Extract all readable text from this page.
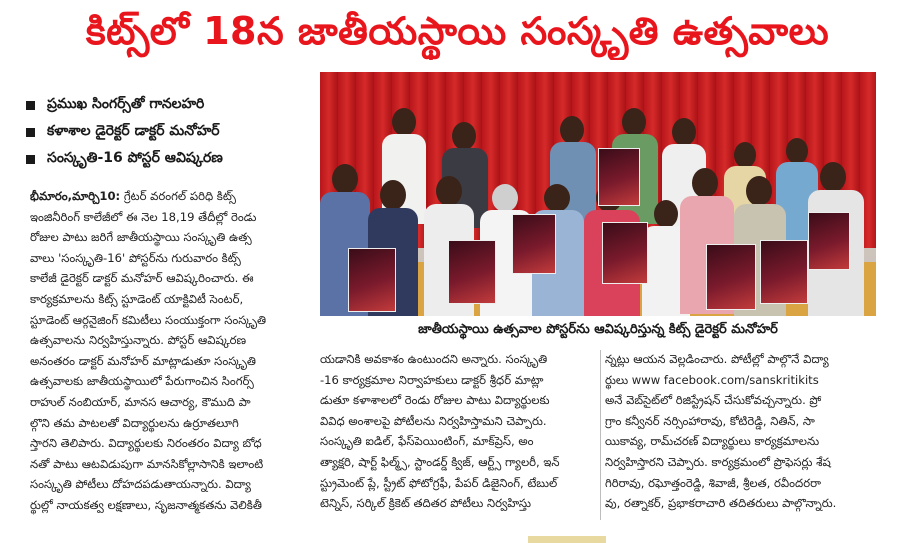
కిట్స్‌లో 18న జాతీయస్థాయి సంస్కృతి ఉత్సవాలు
ప్రముఖ సింగర్స్‌తో గానలహరి
కళాశాల డైరెక్టర్ డాక్టర్ మనోహర్
సంస్కృతి-16 పోస్టర్ ఆవిష్కరణ

భీమారం,మార్చి10: గ్రేటర్ వరంగల్ పరిధి కిట్స్

ఇంజినీరింగ్ కాలేజీలో ఈ నెల 18,19 తేదీల్లో రెండు

రోజుల పాటు జరిగే జాతీయస్థాయి సంస్కృతి ఉత్స

వాలు 'సంస్కృతి-16' పోస్టర్‌ను గురువారం కిట్స్

కాలేజీ డైరెక్టర్ డాక్టర్ మనోహర్ ఆవిష్కరించారు. ఈ

కార్యక్రమాలను కిట్స్ స్టూడెంట్ యాక్టివిటీ సెంటర్,

స్టూడెంట్ ఆర్గనైజింగ్ కమిటీలు సంయుక్తంగా సంస్కృతి

ఉత్సవాలను నిర్వహిస్తున్నారు. పోస్టర్ ఆవిష్కరణ

అనంతరం డాక్టర్ మనోహర్ మాట్లాడుతూ సంస్కృతి

ఉత్సవాలకు జాతీయస్థాయిలో పేరుగాంచిన సింగర్స్

రాహుల్ నంబియార్, మానస ఆచార్య, కౌముది పా

ల్గొని తమ పాటలతో విద్యార్థులను ఉర్రూతలూగి

స్తారని తెలిపారు. విద్యార్థులకు నిరంతరం విద్యా బోధ

నతో పాటు ఆటవిడుపుగా మానసికోల్లాసానికి ఇలాంటి

సంస్కృతి పోటీలు దోహదపడుతాయన్నారు. విద్యా

ర్థుల్లో నాయకత్వ లక్షణాలు, సృజనాత్మకతను వెలికితీ

జాతీయస్థాయి ఉత్సవాల పోస్టర్‌ను ఆవిష్కరిస్తున్న కిట్స్ డైరెక్టర్ మనోహర్

యడానికి అవకాశం ఉంటుందని అన్నారు. సంస్కృతి

-16 కార్యక్రమాల నిర్వాహకులు డాక్టర్ శ్రీధర్ మాట్లా

డుతూ కళాశాలలో రెండు రోజుల పాటు విద్యార్థులకు

వివిధ అంశాలపై పోటీలను నిర్వహిస్తామని చెప్పారు.

సంస్కృతి ఐడిల్, ఫేస్‌పెయింటింగ్, మాక్‌ప్రెస్, అం

త్యాక్షరి, షార్ట్ ఫిల్మ్స్, స్టాండర్డ్ క్విజ్, ఆర్ట్స్ గ్యాలరీ, ఇన్

స్ట్రుమెంట్ ప్లే, స్ట్రీట్ ఫోటోగ్రఫీ, పేపర్ డిజైనింగ్, టేబుల్

టెన్నిస్, సర్కిల్ క్రికెట్ తదితర పోటీలు నిర్వహిస్తు

న్నట్లు ఆయన వెల్లడించారు. పోటీల్లో పాల్గొనే విద్యా

ర్థులు www facebook.com/sanskritikits

అనే వెబ్‌సైట్‌లో రిజిస్ట్రేషన్ చేసుకోవచ్చన్నారు. ప్రో

గ్రాం కన్వీనర్ నర్సింహారావు, కోటిరెడ్డి, నితిన్, సా

యికావ్య, రామ్‌చరణ్ విద్యార్థులు కార్యక్రమాలను

నిర్వహిస్తారని చెప్పారు. కార్యక్రమంలో ప్రొఫెసర్లు శేష

గిరిరావు, రఘోత్తంరెడ్డి, శివాజీ, శ్రీలత, రవీందరరా

వు, రత్నాకర్, ప్రభాకరాచారి తదితరులు పాల్గొన్నారు.
